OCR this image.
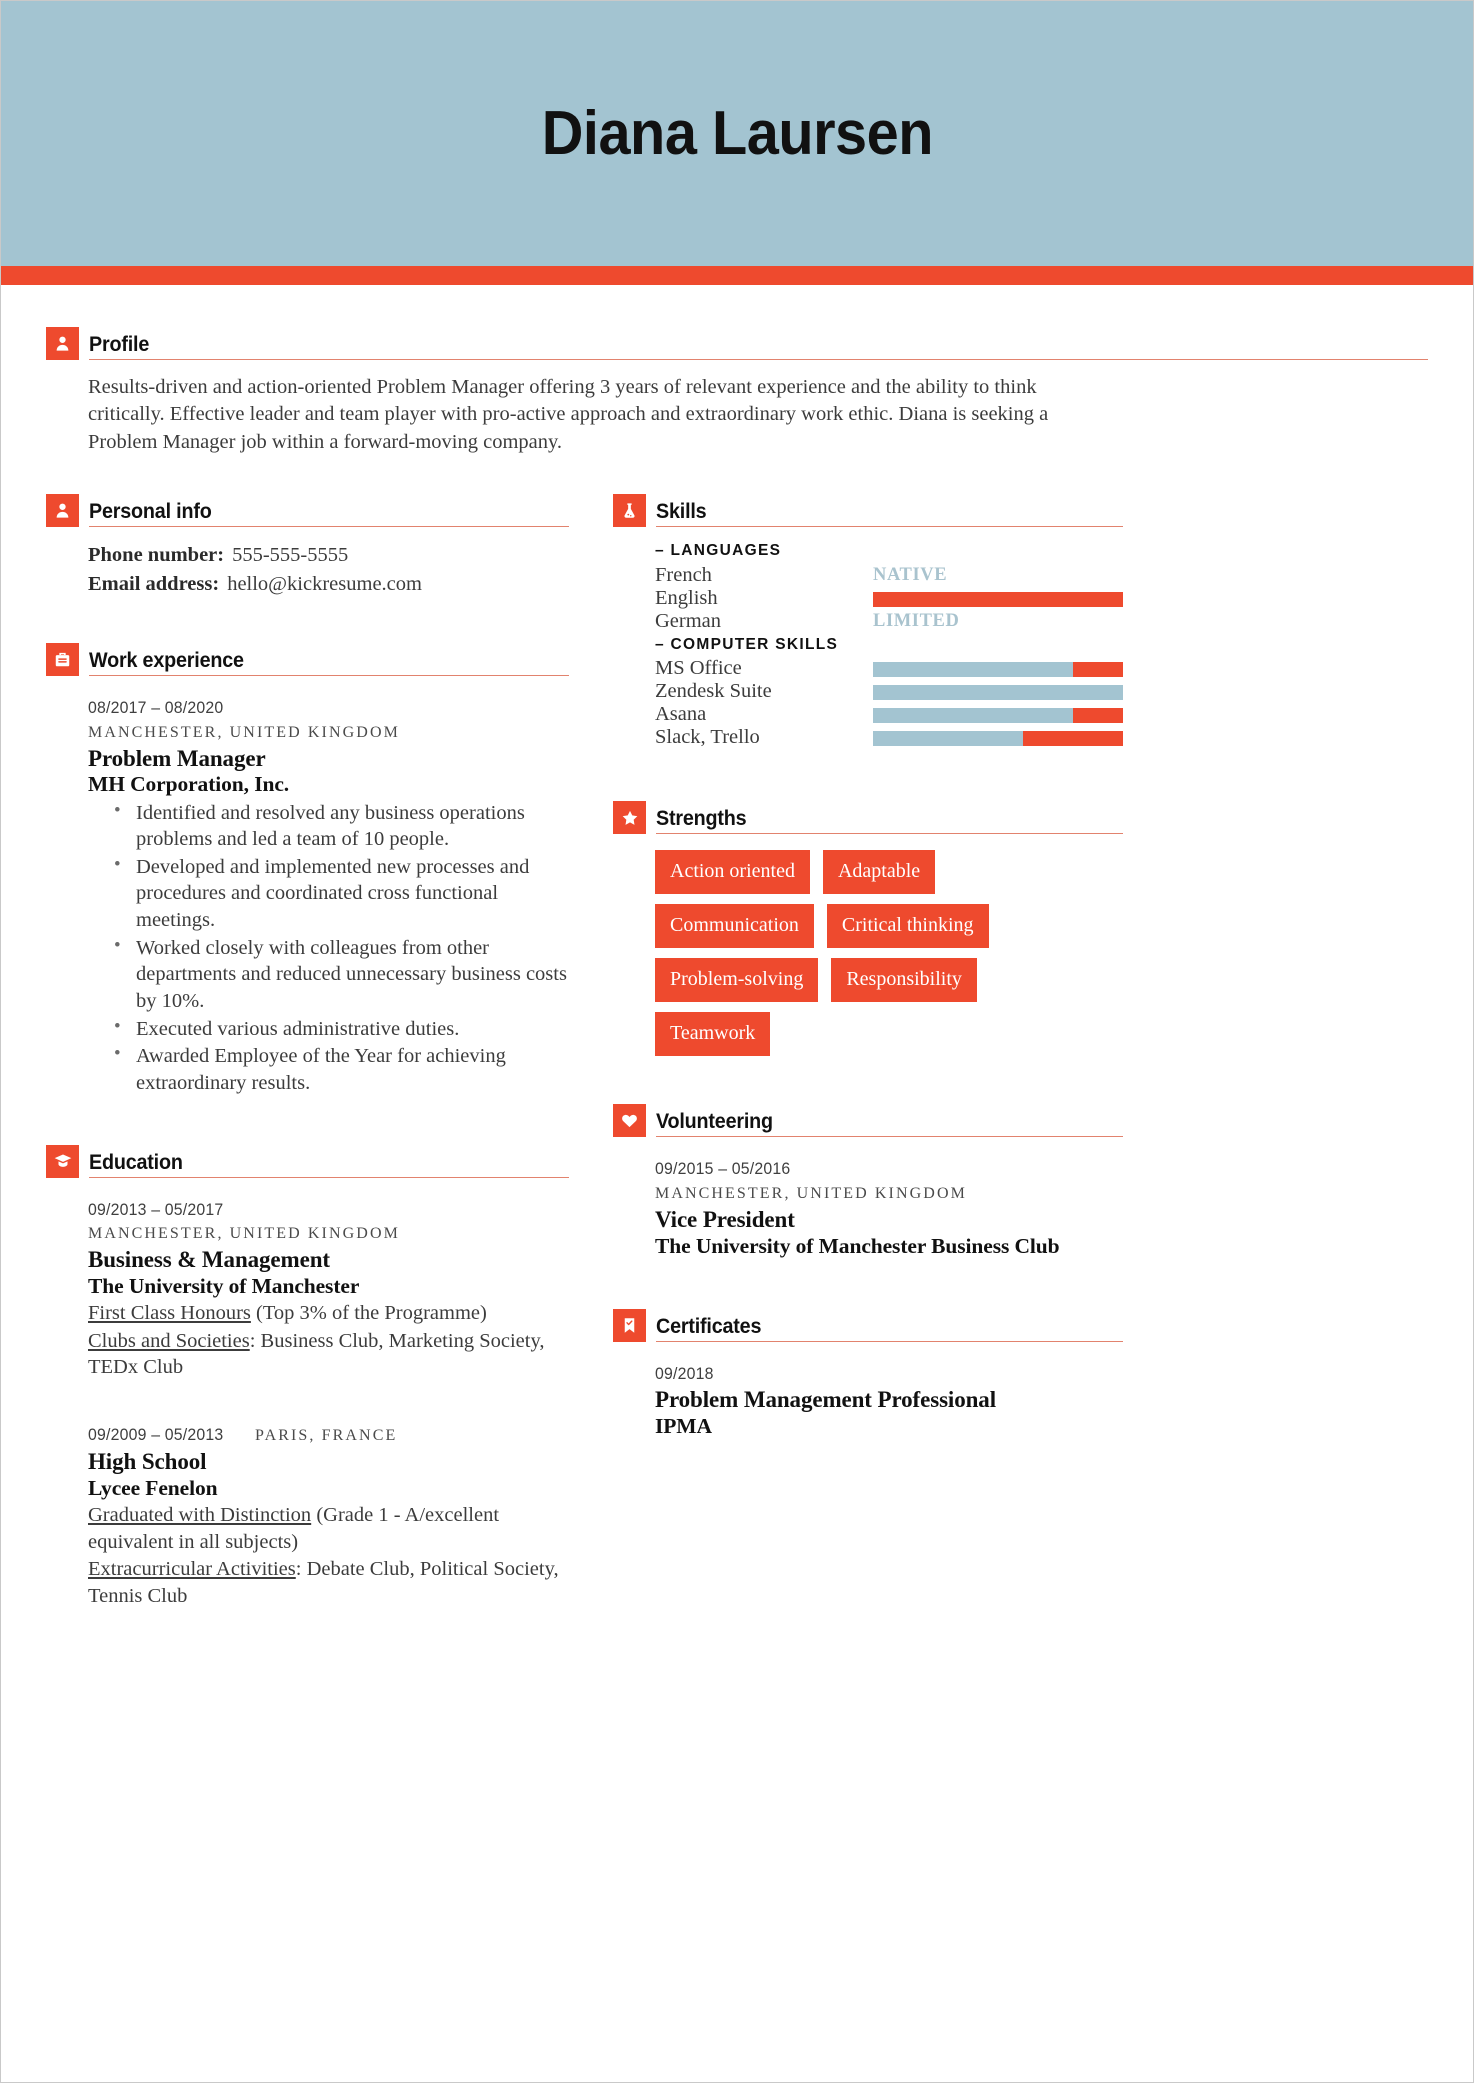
Diana Laursen
Profile
Results-driven and action-oriented Problem Manager offering 3 years of relevant experience and the ability to think critically. Effective leader and team player with pro-active approach and extraordinary work ethic. Diana is seeking a Problem Manager job within a forward-moving company.
Personal info
Phone number: 555-555-5555
Email address: hello@kickresume.com
Work experience
08/2017 – 08/2020
MANCHESTER, UNITED KINGDOM
Problem Manager
MH Corporation, Inc.
• Identified and resolved any business operations problems and led a team of 10 people.
• Developed and implemented new processes and procedures and coordinated cross functional meetings.
• Worked closely with colleagues from other departments and reduced unnecessary business costs by 10%.
• Executed various administrative duties.
• Awarded Employee of the Year for achieving extraordinary results.
Education
09/2013 – 05/2017
MANCHESTER, UNITED KINGDOM
Business & Management
The University of Manchester
First Class Honours (Top 3% of the Programme)
Clubs and Societies: Business Club, Marketing Society, TEDx Club
09/2009 – 05/2013 PARIS, FRANCE
High School
Lycee Fenelon
Graduated with Distinction (Grade 1 - A/excellent equivalent in all subjects)
Extracurricular Activities: Debate Club, Political Society, Tennis Club
Skills
– LANGUAGES
French	NATIVE
English
German	LIMITED
– COMPUTER SKILLS
MS Office
Zendesk Suite
Asana
Slack, Trello
Strengths
Action oriented	Adaptable
Communication	Critical thinking
Problem-solving	Responsibility
Teamwork
Volunteering
09/2015 – 05/2016
MANCHESTER, UNITED KINGDOM
Vice President
The University of Manchester Business Club
Certificates
09/2018
Problem Management Professional
IPMA
